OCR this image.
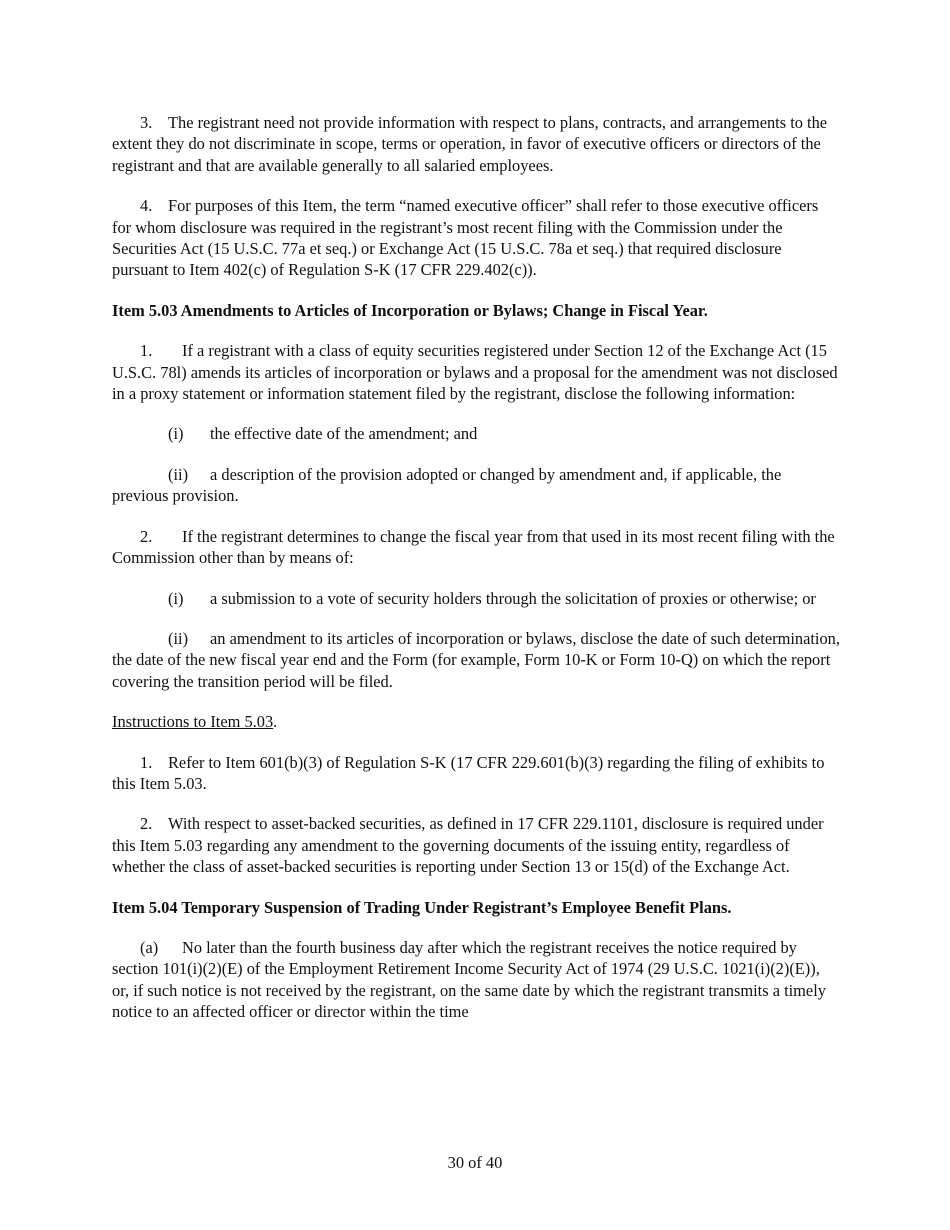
3. The registrant need not provide information with respect to plans, contracts, and arrangements to the extent they do not discriminate in scope, terms or operation, in favor of executive officers or directors of the registrant and that are available generally to all salaried employees.

4. For purposes of this Item, the term “named executive officer” shall refer to those executive officers for whom disclosure was required in the registrant’s most recent filing with the Commission under the Securities Act (15 U.S.C. 77a et seq.) or Exchange Act (15 U.S.C. 78a et seq.) that required disclosure pursuant to Item 402(c) of Regulation S-K (17 CFR 229.402(c)).

Item 5.03 Amendments to Articles of Incorporation or Bylaws; Change in Fiscal Year.

1. If a registrant with a class of equity securities registered under Section 12 of the Exchange Act (15 U.S.C. 78l) amends its articles of incorporation or bylaws and a proposal for the amendment was not disclosed in a proxy statement or information statement filed by the registrant, disclose the following information:

(i) the effective date of the amendment; and

(ii) a description of the provision adopted or changed by amendment and, if applicable, the previous provision.

2. If the registrant determines to change the fiscal year from that used in its most recent filing with the Commission other than by means of:

(i) a submission to a vote of security holders through the solicitation of proxies or otherwise; or

(ii) an amendment to its articles of incorporation or bylaws, disclose the date of such determination, the date of the new fiscal year end and the Form (for example, Form 10-K or Form 10-Q) on which the report covering the transition period will be filed.

Instructions to Item 5.03.

1. Refer to Item 601(b)(3) of Regulation S-K (17 CFR 229.601(b)(3) regarding the filing of exhibits to this Item 5.03.

2. With respect to asset-backed securities, as defined in 17 CFR 229.1101, disclosure is required under this Item 5.03 regarding any amendment to the governing documents of the issuing entity, regardless of whether the class of asset-backed securities is reporting under Section 13 or 15(d) of the Exchange Act.

Item 5.04 Temporary Suspension of Trading Under Registrant’s Employee Benefit Plans.

(a) No later than the fourth business day after which the registrant receives the notice required by section 101(i)(2)(E) of the Employment Retirement Income Security Act of 1974 (29 U.S.C. 1021(i)(2)(E)), or, if such notice is not received by the registrant, on the same date by which the registrant transmits a timely notice to an affected officer or director within the time

30 of 40
